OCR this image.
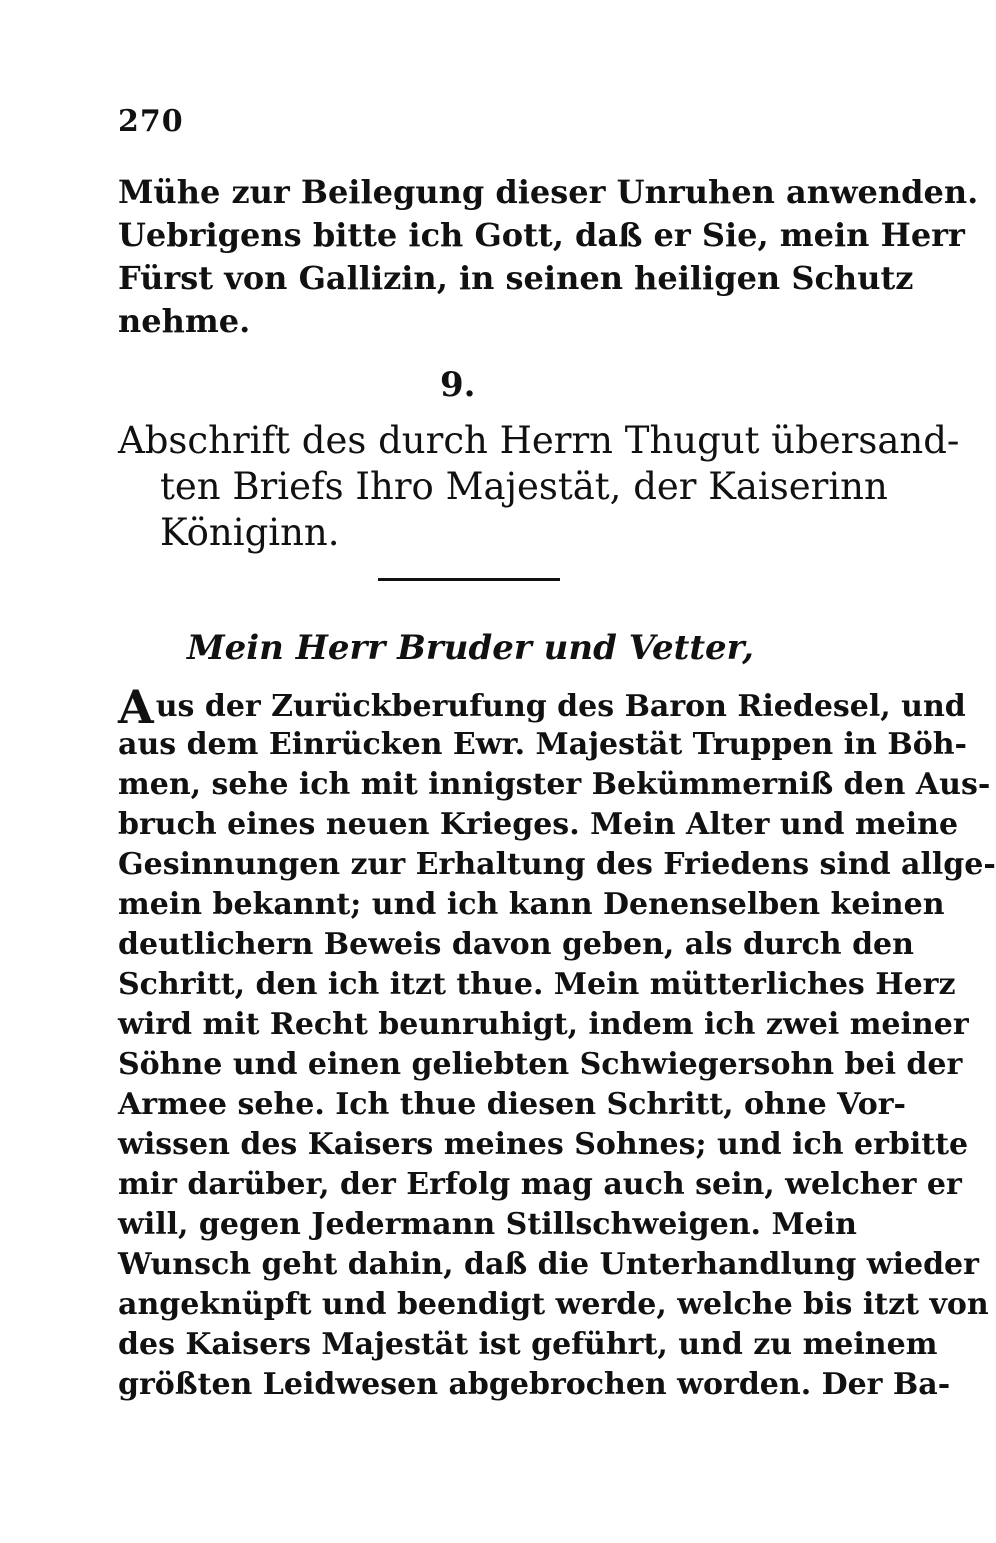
270
Mühe zur Beilegung dieser Unruhen anwenden.
Uebrigens bitte ich Gott, daß er Sie, mein Herr
Fürst von Gallizin, in seinen heiligen Schutz
nehme.
9.
Abschrift des durch Herrn Thugut übersand-
ten Briefs Ihro Majestät, der Kaiserinn
Königinn.
Mein Herr Bruder und Vetter,
A us der Zurückberufung des Baron Riedesel, und
aus dem Einrücken Ewr. Majestät Truppen in Böh-
men, sehe ich mit innigster Bekümmerniß den Aus-
bruch eines neuen Krieges. Mein Alter und meine
Gesinnungen zur Erhaltung des Friedens sind allge-
mein bekannt; und ich kann Denenselben keinen
deutlichern Beweis davon geben, als durch den
Schritt, den ich itzt thue. Mein mütterliches Herz
wird mit Recht beunruhigt, indem ich zwei meiner
Söhne und einen geliebten Schwiegersohn bei der
Armee sehe. Ich thue diesen Schritt, ohne Vor-
wissen des Kaisers meines Sohnes; und ich erbitte
mir darüber, der Erfolg mag auch sein, welcher er
will, gegen Jedermann Stillschweigen. Mein
Wunsch geht dahin, daß die Unterhandlung wieder
angeknüpft und beendigt werde, welche bis itzt von
des Kaisers Majestät ist geführt, und zu meinem
größten Leidwesen abgebrochen worden. Der Ba-
